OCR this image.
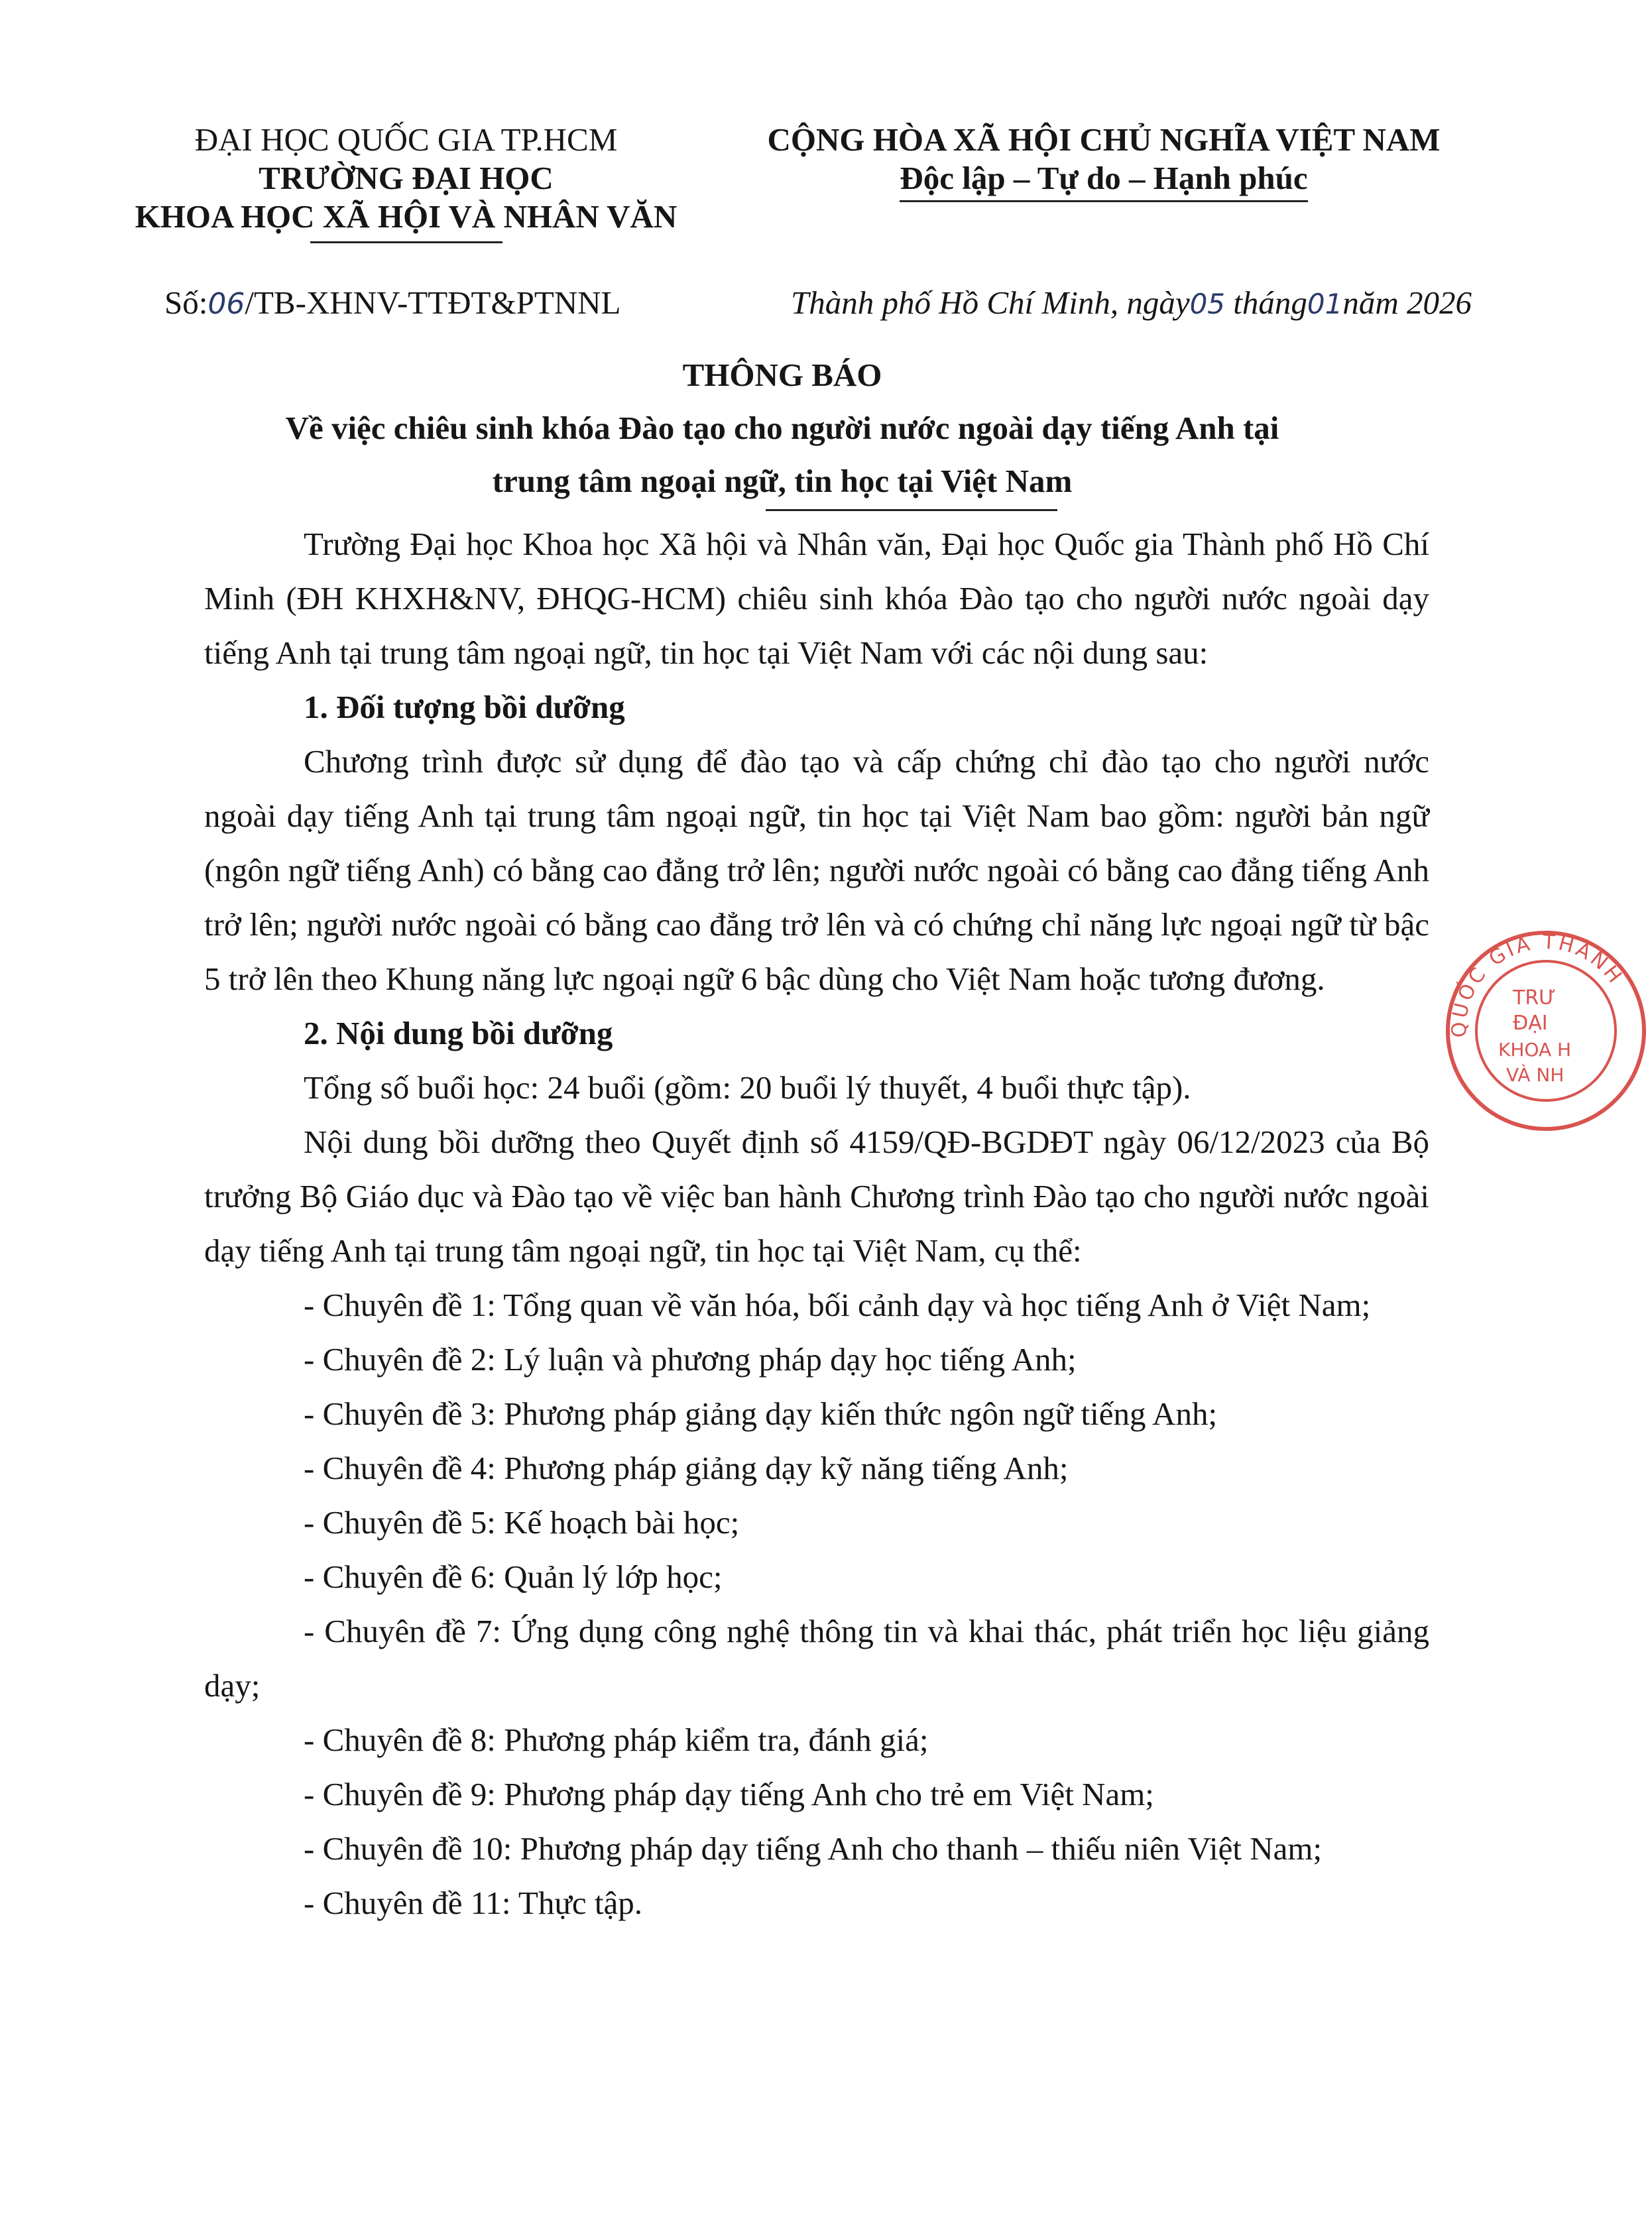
ĐẠI HỌC QUỐC GIA TP.HCM
TRƯỜNG ĐẠI HỌC
KHOA HỌC XÃ HỘI VÀ NHÂN VĂN
CỘNG HÒA XÃ HỘI CHỦ NGHĨA VIỆT NAM
Độc lập – Tự do – Hạnh phúc
Số:06/TB-XHNV-TTĐT&PTNNL	Thành phố Hồ Chí Minh, ngày05 tháng01năm 2026
THÔNG BÁO
Về việc chiêu sinh khóa Đào tạo cho người nước ngoài dạy tiếng Anh tại
trung tâm ngoại ngữ, tin học tại Việt Nam

Trường Đại học Khoa học Xã hội và Nhân văn, Đại học Quốc gia Thành phố Hồ Chí Minh (ĐH KHXH&NV, ĐHQG-HCM) chiêu sinh khóa Đào tạo cho người nước ngoài dạy tiếng Anh tại trung tâm ngoại ngữ, tin học tại Việt Nam với các nội dung sau:

1. Đối tượng bồi dưỡng

Chương trình được sử dụng để đào tạo và cấp chứng chỉ đào tạo cho người nước ngoài dạy tiếng Anh tại trung tâm ngoại ngữ, tin học tại Việt Nam bao gồm: người bản ngữ (ngôn ngữ tiếng Anh) có bằng cao đẳng trở lên; người nước ngoài có bằng cao đẳng tiếng Anh trở lên; người nước ngoài có bằng cao đẳng trở lên và có chứng chỉ năng lực ngoại ngữ từ bậc 5 trở lên theo Khung năng lực ngoại ngữ 6 bậc dùng cho Việt Nam hoặc tương đương.

2. Nội dung bồi dưỡng

Tổng số buổi học: 24 buổi (gồm: 20 buổi lý thuyết, 4 buổi thực tập).

Nội dung bồi dưỡng theo Quyết định số 4159/QĐ-BGDĐT ngày 06/12/2023 của Bộ trưởng Bộ Giáo dục và Đào tạo về việc ban hành Chương trình Đào tạo cho người nước ngoài dạy tiếng Anh tại trung tâm ngoại ngữ, tin học tại Việt Nam, cụ thể:

- Chuyên đề 1: Tổng quan về văn hóa, bối cảnh dạy và học tiếng Anh ở Việt Nam;

- Chuyên đề 2: Lý luận và phương pháp dạy học tiếng Anh;

- Chuyên đề 3: Phương pháp giảng dạy kiến thức ngôn ngữ tiếng Anh;

- Chuyên đề 4: Phương pháp giảng dạy kỹ năng tiếng Anh;

- Chuyên đề 5: Kế hoạch bài học;

- Chuyên đề 6: Quản lý lớp học;

- Chuyên đề 7: Ứng dụng công nghệ thông tin và khai thác, phát triển học liệu giảng dạy;

- Chuyên đề 8: Phương pháp kiểm tra, đánh giá;

- Chuyên đề 9: Phương pháp dạy tiếng Anh cho trẻ em Việt Nam;

- Chuyên đề 10: Phương pháp dạy tiếng Anh cho thanh – thiếu niên Việt Nam;

- Chuyên đề 11: Thực tập.

QUỐC GIA THÀNH
TRƯ
ĐẠI
KHOA H
VÀ NH
